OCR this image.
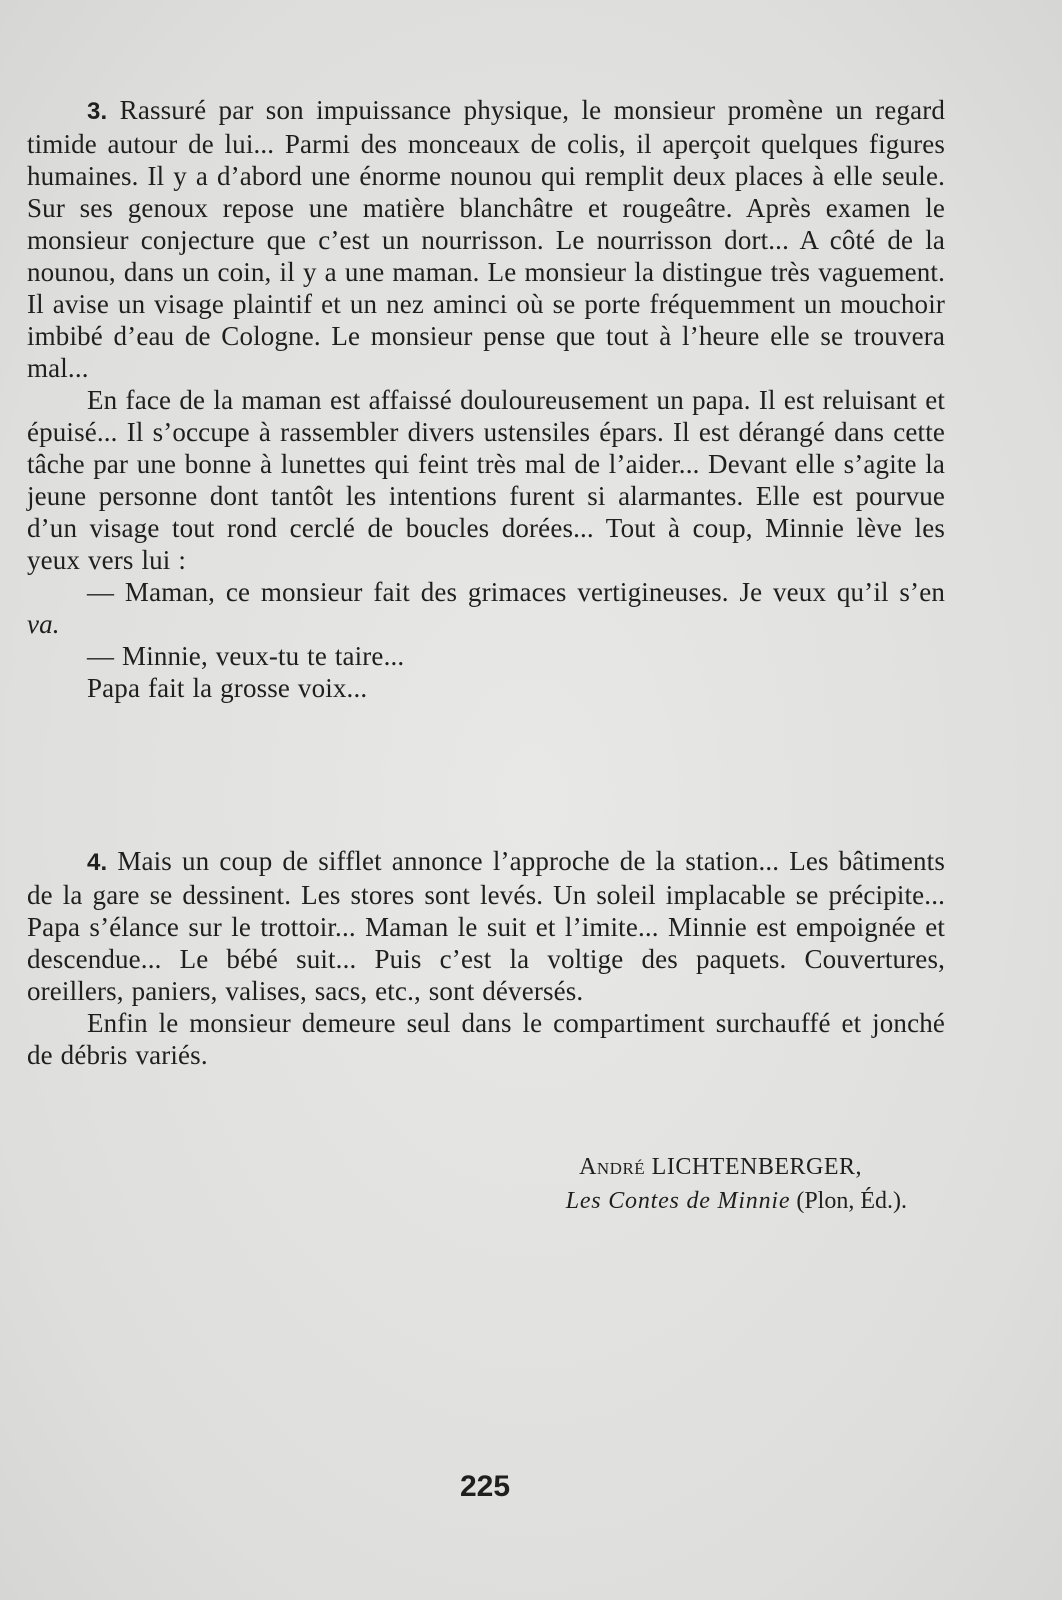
3. Rassuré par son impuissance physique, le monsieur promène un regard timide autour de lui... Parmi des monceaux de colis, il aperçoit quelques figures humaines. Il y a d’abord une énorme nounou qui remplit deux places à elle seule. Sur ses genoux repose une matière blanchâtre et rougeâtre. Après examen le monsieur conjecture que c’est un nourrisson. Le nourrisson dort... A côté de la nounou, dans un coin, il y a une maman. Le monsieur la distingue très vaguement. Il avise un visage plaintif et un nez aminci où se porte fréquemment un mouchoir imbibé d’eau de Cologne. Le monsieur pense que tout à l’heure elle se trouvera mal...

En face de la maman est affaissé douloureusement un papa. Il est reluisant et épuisé... Il s’occupe à rassembler divers ustensiles épars. Il est dérangé dans cette tâche par une bonne à lunettes qui feint très mal de l’aider... Devant elle s’agite la jeune personne dont tantôt les intentions furent si alarmantes. Elle est pourvue d’un visage tout rond cerclé de boucles dorées... Tout à coup, Minnie lève les yeux vers lui :

— Maman, ce monsieur fait des grimaces vertigineuses. Je veux qu’il s’en va.

— Minnie, veux-tu te taire...

Papa fait la grosse voix...

4. Mais un coup de sifflet annonce l’approche de la station... Les bâtiments de la gare se dessinent. Les stores sont levés. Un soleil implacable se précipite... Papa s’élance sur le trottoir... Maman le suit et l’imite... Minnie est empoignée et descendue... Le bébé suit... Puis c’est la voltige des paquets. Couvertures, oreillers, paniers, valises, sacs, etc., sont déversés.

Enfin le monsieur demeure seul dans le compartiment surchauffé et jonché de débris variés.

André LICHTENBERGER,
Les Contes de Minnie (Plon, Éd.).
225
